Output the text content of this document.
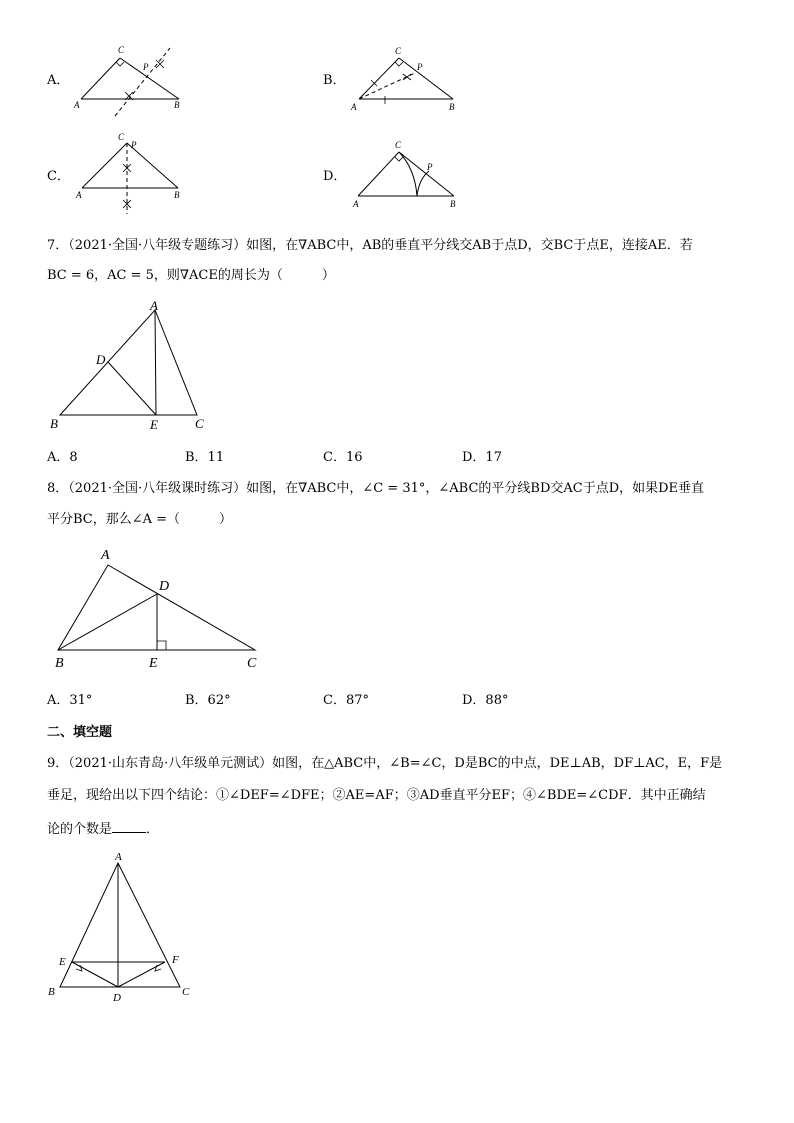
A．
A	B
C
P
B．
A	B
C
P
C．
A	B
C
P
D．
A	B
C
P
7．（2021·全国·八年级专题练习）如图，在∇ABC中，AB的垂直平分线交AB于点D，交BC于点E，连接AE．若
BC = 6，AC = 5，则∇ACE的周长为（　　　）
A
B	C
D
E
A．8	B．11	C．16	D．17
8．（2021·全国·八年级课时练习）如图，在∇ABC中，∠C = 31°，∠ABC的平分线BD交AC于点D，如果DE垂直
平分BC，那么∠A =（　　　）
A
B	C
D
E
A．31°	B．62°	C．87°	D．88°
二、填空题
9．（2021·山东青岛·八年级单元测试）如图，在△ABC中，∠B=∠C，D是BC的中点，DE⊥AB，DF⊥AC，E，F是
垂足，现给出以下四个结论：①∠DEF=∠DFE；②AE=AF；③AD垂直平分EF；④∠BDE=∠CDF．其中正确结
论的个数是	．
A
B	C
D
E	F
